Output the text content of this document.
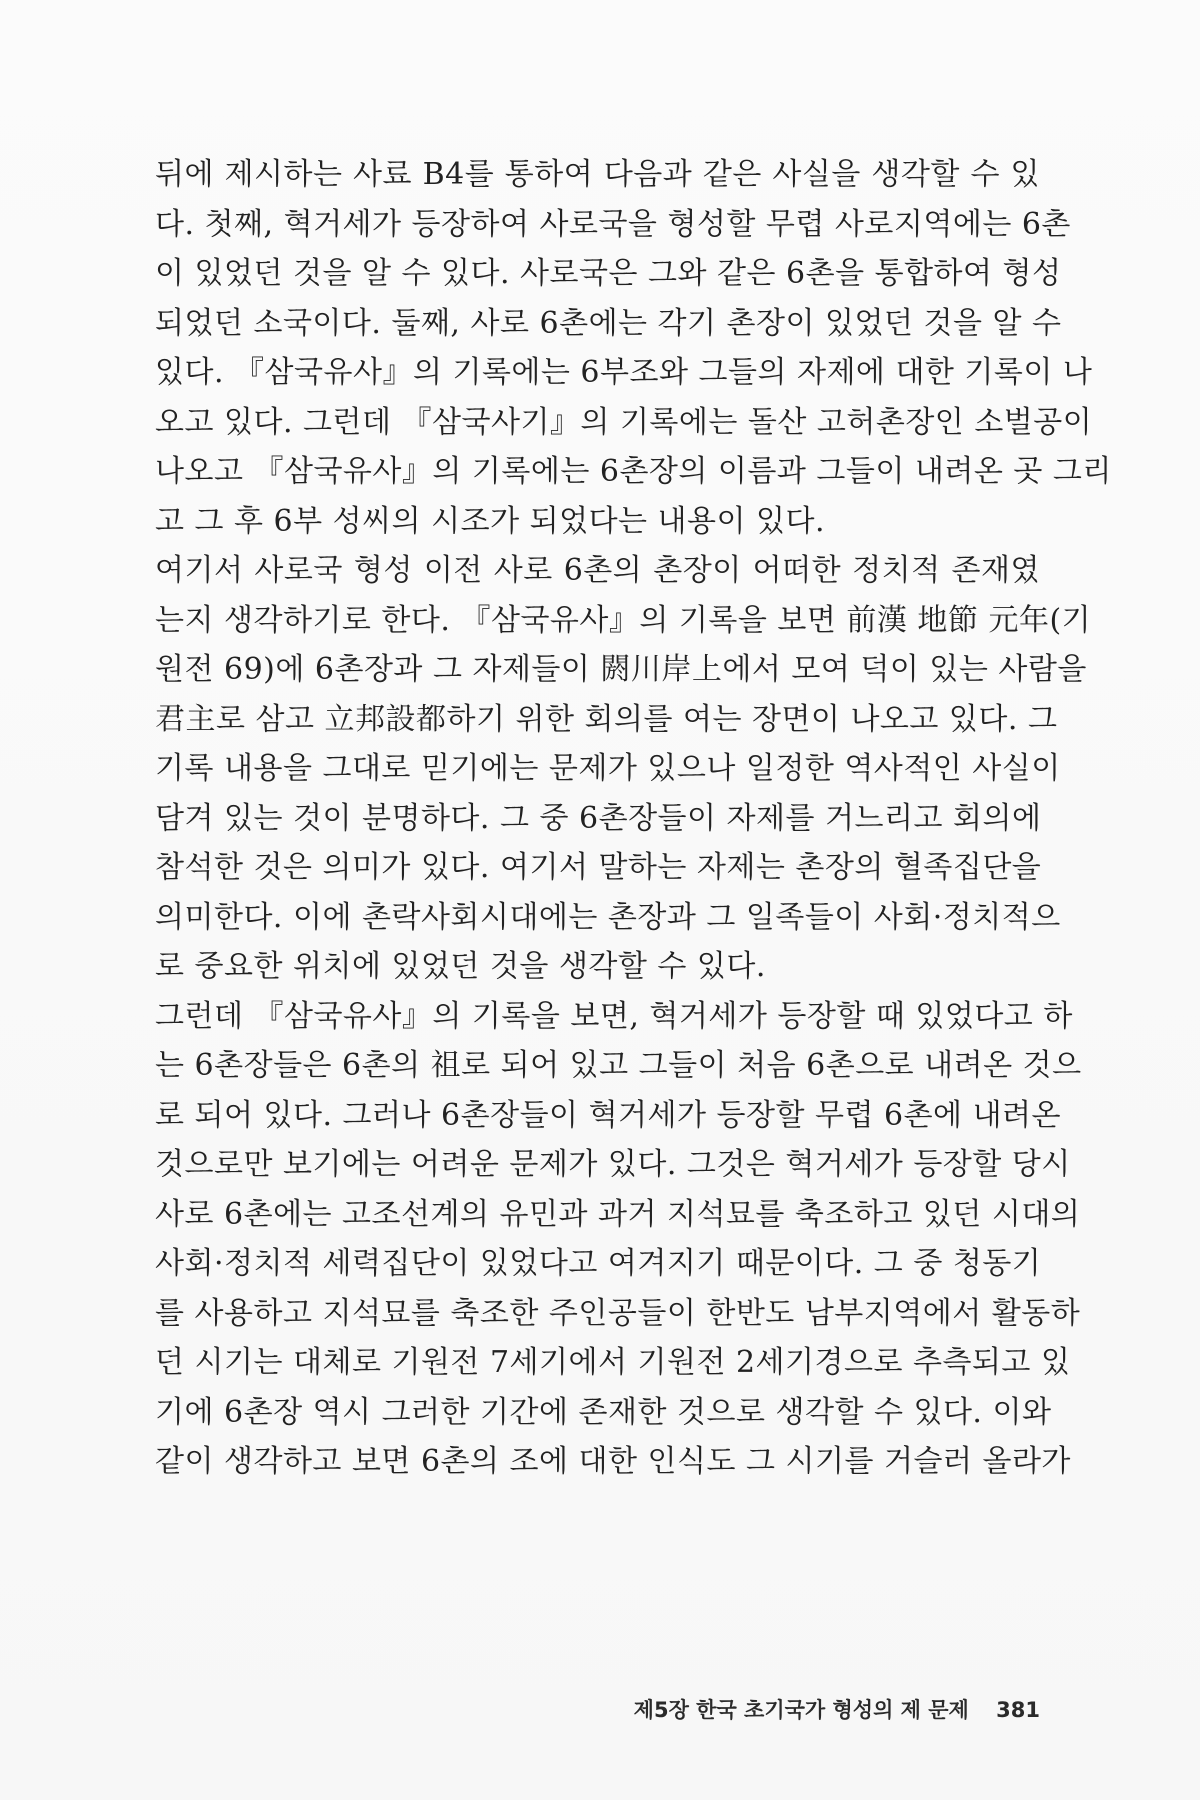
뒤에 제시하는 사료 B4를 통하여 다음과 같은 사실을 생각할 수 있
다. 첫째, 혁거세가 등장하여 사로국을 형성할 무렵 사로지역에는 6촌
이 있었던 것을 알 수 있다. 사로국은 그와 같은 6촌을 통합하여 형성
되었던 소국이다. 둘째, 사로 6촌에는 각기 촌장이 있었던 것을 알 수
있다. 『삼국유사』의 기록에는 6부조와 그들의 자제에 대한 기록이 나
오고 있다. 그런데 『삼국사기』의 기록에는 돌산 고허촌장인 소벌공이
나오고 『삼국유사』의 기록에는 6촌장의 이름과 그들이 내려온 곳 그리
고 그 후 6부 성씨의 시조가 되었다는 내용이 있다.
여기서 사로국 형성 이전 사로 6촌의 촌장이 어떠한 정치적 존재였
는지 생각하기로 한다. 『삼국유사』의 기록을 보면 前漢 地節 元年(기
원전 69)에 6촌장과 그 자제들이 閼川岸上에서 모여 덕이 있는 사람을
君主로 삼고 立邦設都하기 위한 회의를 여는 장면이 나오고 있다. 그
기록 내용을 그대로 믿기에는 문제가 있으나 일정한 역사적인 사실이
담겨 있는 것이 분명하다. 그 중 6촌장들이 자제를 거느리고 회의에
참석한 것은 의미가 있다. 여기서 말하는 자제는 촌장의 혈족집단을
의미한다. 이에 촌락사회시대에는 촌장과 그 일족들이 사회·정치적으
로 중요한 위치에 있었던 것을 생각할 수 있다.
그런데 『삼국유사』의 기록을 보면, 혁거세가 등장할 때 있었다고 하
는 6촌장들은 6촌의 祖로 되어 있고 그들이 처음 6촌으로 내려온 것으
로 되어 있다. 그러나 6촌장들이 혁거세가 등장할 무렵 6촌에 내려온
것으로만 보기에는 어려운 문제가 있다. 그것은 혁거세가 등장할 당시
사로 6촌에는 고조선계의 유민과 과거 지석묘를 축조하고 있던 시대의
사회·정치적 세력집단이 있었다고 여겨지기 때문이다. 그 중 청동기
를 사용하고 지석묘를 축조한 주인공들이 한반도 남부지역에서 활동하
던 시기는 대체로 기원전 7세기에서 기원전 2세기경으로 추측되고 있
기에 6촌장 역시 그러한 기간에 존재한 것으로 생각할 수 있다. 이와
같이 생각하고 보면 6촌의 조에 대한 인식도 그 시기를 거슬러 올라가
제5장 한국 초기국가 형성의 제 문제 381
